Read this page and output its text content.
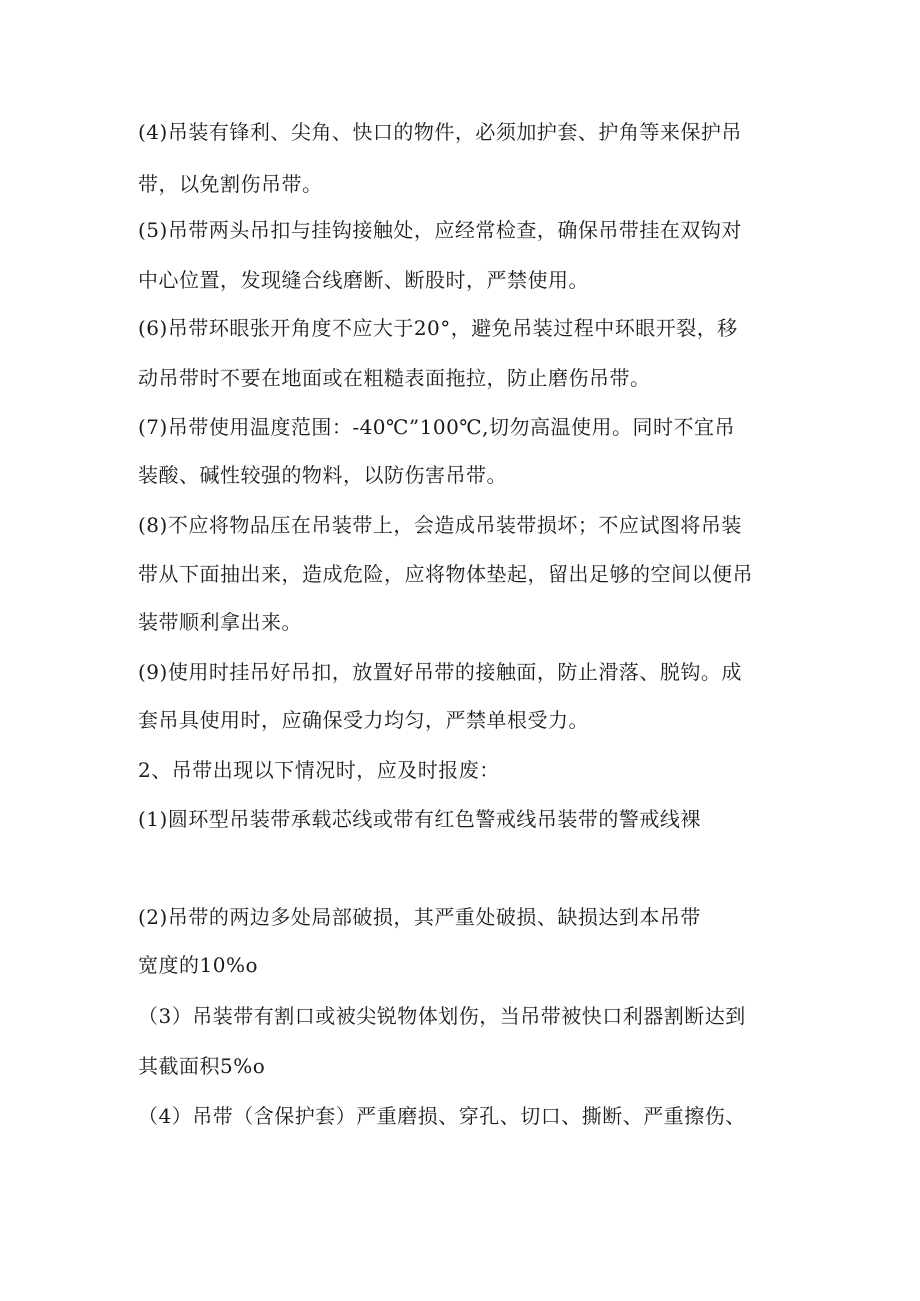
(4)吊装有锋利、尖角、快口的物件，必须加护套、护角等来保护吊
带，以免割伤吊带。
(5)吊带两头吊扣与挂钩接触处，应经常检查，确保吊带挂在双钩对
中心位置，发现缝合线磨断、断股时，严禁使用。
(6)吊带环眼张开角度不应大于20°，避免吊装过程中环眼开裂，移
动吊带时不要在地面或在粗糙表面拖拉，防止磨伤吊带。
(7)吊带使用温度范围：-40℃”100℃,切勿高温使用。同时不宜吊
装酸、碱性较强的物料，以防伤害吊带。
(8)不应将物品压在吊装带上，会造成吊装带损坏；不应试图将吊装
带从下面抽出来，造成危险，应将物体垫起，留出足够的空间以便吊
装带顺利拿出来。
(9)使用时挂吊好吊扣，放置好吊带的接触面，防止滑落、脱钩。成
套吊具使用时，应确保受力均匀，严禁单根受力。
2、吊带出现以下情况时，应及时报废：
(1)圆环型吊装带承载芯线或带有红色警戒线吊装带的警戒线裸
(2)吊带的两边多处局部破损，其严重处破损、缺损达到本吊带
宽度的10%o
（3）吊装带有割口或被尖锐物体划伤，当吊带被快口利器割断达到
其截面积5%o
（4）吊带（含保护套）严重磨损、穿孔、切口、撕断、严重擦伤、
